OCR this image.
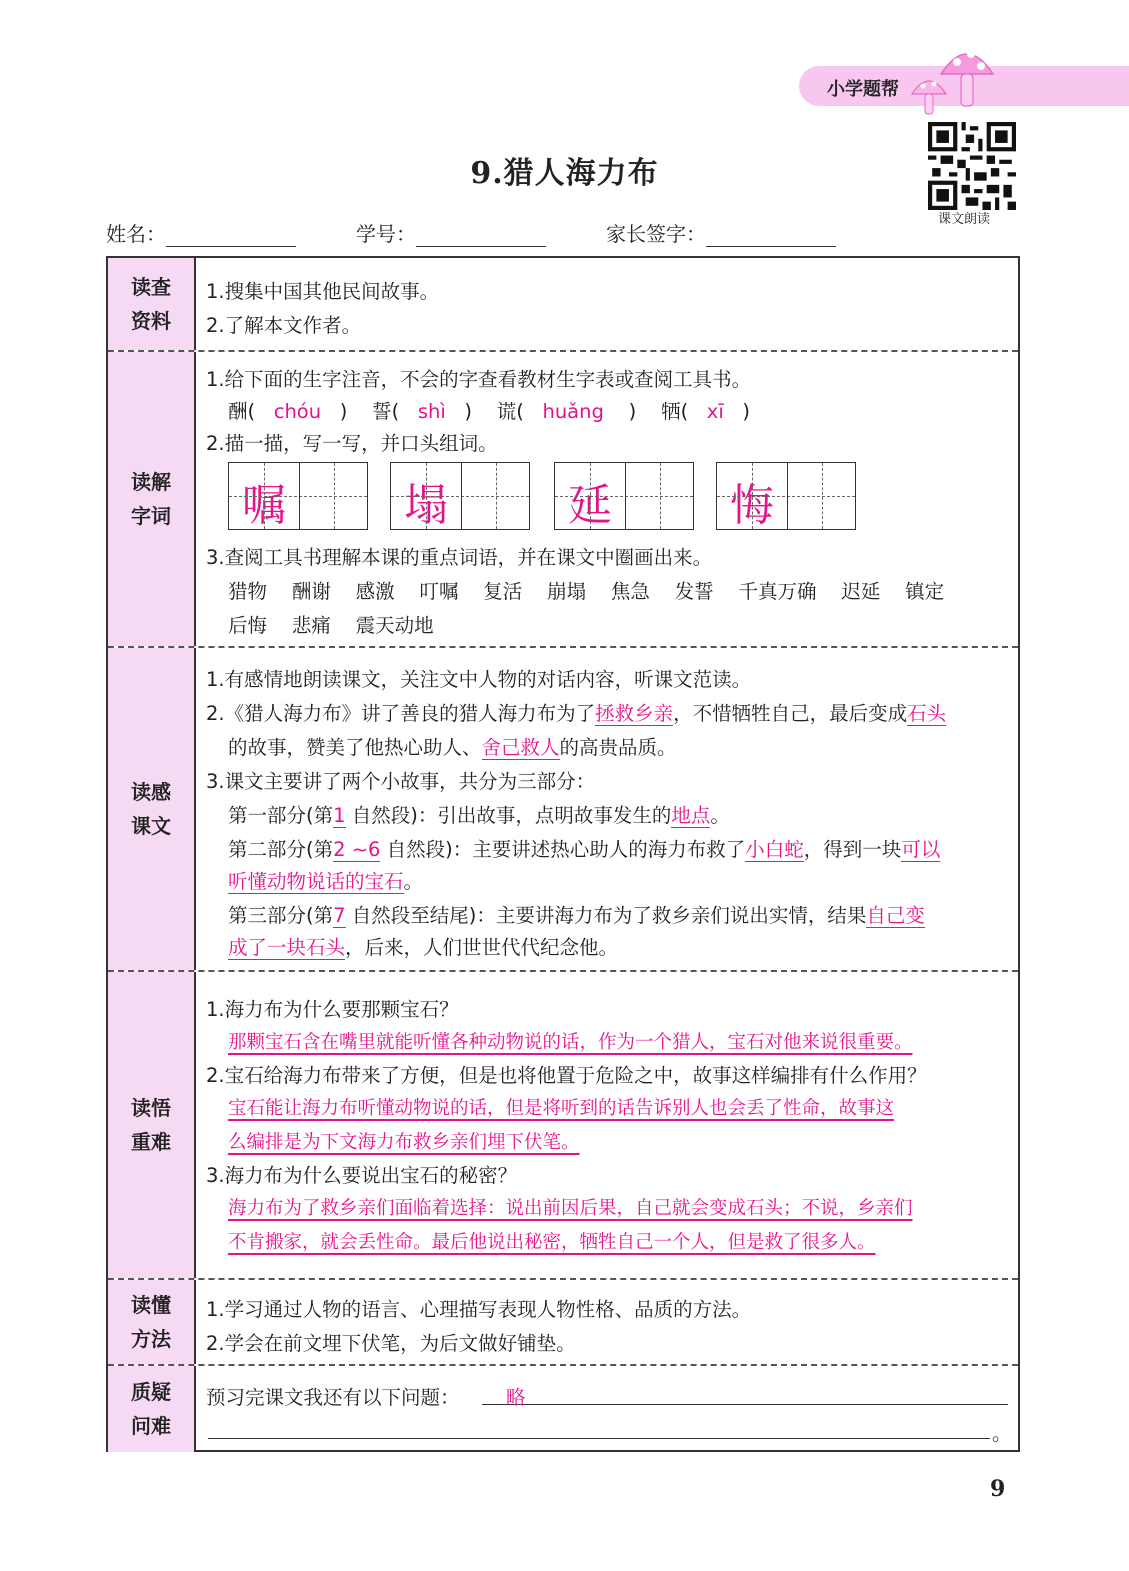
小学题帮
课文朗读
9.猎人海力布
姓名：	学号：	家长签字：
读查
资料
1.搜集中国其他民间故事。
2.了解本文作者。
读解
字词
1.给下面的生字注音，不会的字查看教材生字表或查阅工具书。
酬(   chóu   )    誓(   shì   )    谎(   huǎng    )    牺(   xī   )
2.描一描，写一写，并口头组词。
嘱	塌	延	悔
3.查阅工具书理解本课的重点词语，并在课文中圈画出来。
猎物 酬谢 感激 叮嘱 复活 崩塌 焦急 发誓 千真万确 迟延 镇定
后悔 悲痛 震天动地
读感
课文
1.有感情地朗读课文，关注文中人物的对话内容，听课文范读。
2.《猎人海力布》讲了善良的猎人海力布为了拯救乡亲，不惜牺牲自己，最后变成石头
的故事，赞美了他热心助人、舍己救人的高贵品质。
3.课文主要讲了两个小故事，共分为三部分：
第一部分(第1 自然段)：引出故事，点明故事发生的地点。
第二部分(第2 ~6 自然段)：主要讲述热心助人的海力布救了小白蛇，得到一块可以
听懂动物说话的宝石。
第三部分(第7 自然段至结尾)：主要讲海力布为了救乡亲们说出实情，结果自己变
成了一块石头，后来，人们世世代代纪念他。
读悟
重难
1.海力布为什么要那颗宝石？
那颗宝石含在嘴里就能听懂各种动物说的话，作为一个猎人，宝石对他来说很重要。
2.宝石给海力布带来了方便，但是也将他置于危险之中，故事这样编排有什么作用？
宝石能让海力布听懂动物说的话，但是将听到的话告诉别人也会丢了性命，故事这
么编排是为下文海力布救乡亲们埋下伏笔。
3.海力布为什么要说出宝石的秘密？
海力布为了救乡亲们面临着选择：说出前因后果，自己就会变成石头；不说，乡亲们
不肯搬家，就会丢性命。最后他说出秘密，牺牲自己一个人，但是救了很多人。
读懂
方法
1.学习通过人物的语言、心理描写表现人物性格、品质的方法。
2.学会在前文埋下伏笔，为后文做好铺垫。
质疑
问难
预习完课文我还有以下问题： 略
。
9
